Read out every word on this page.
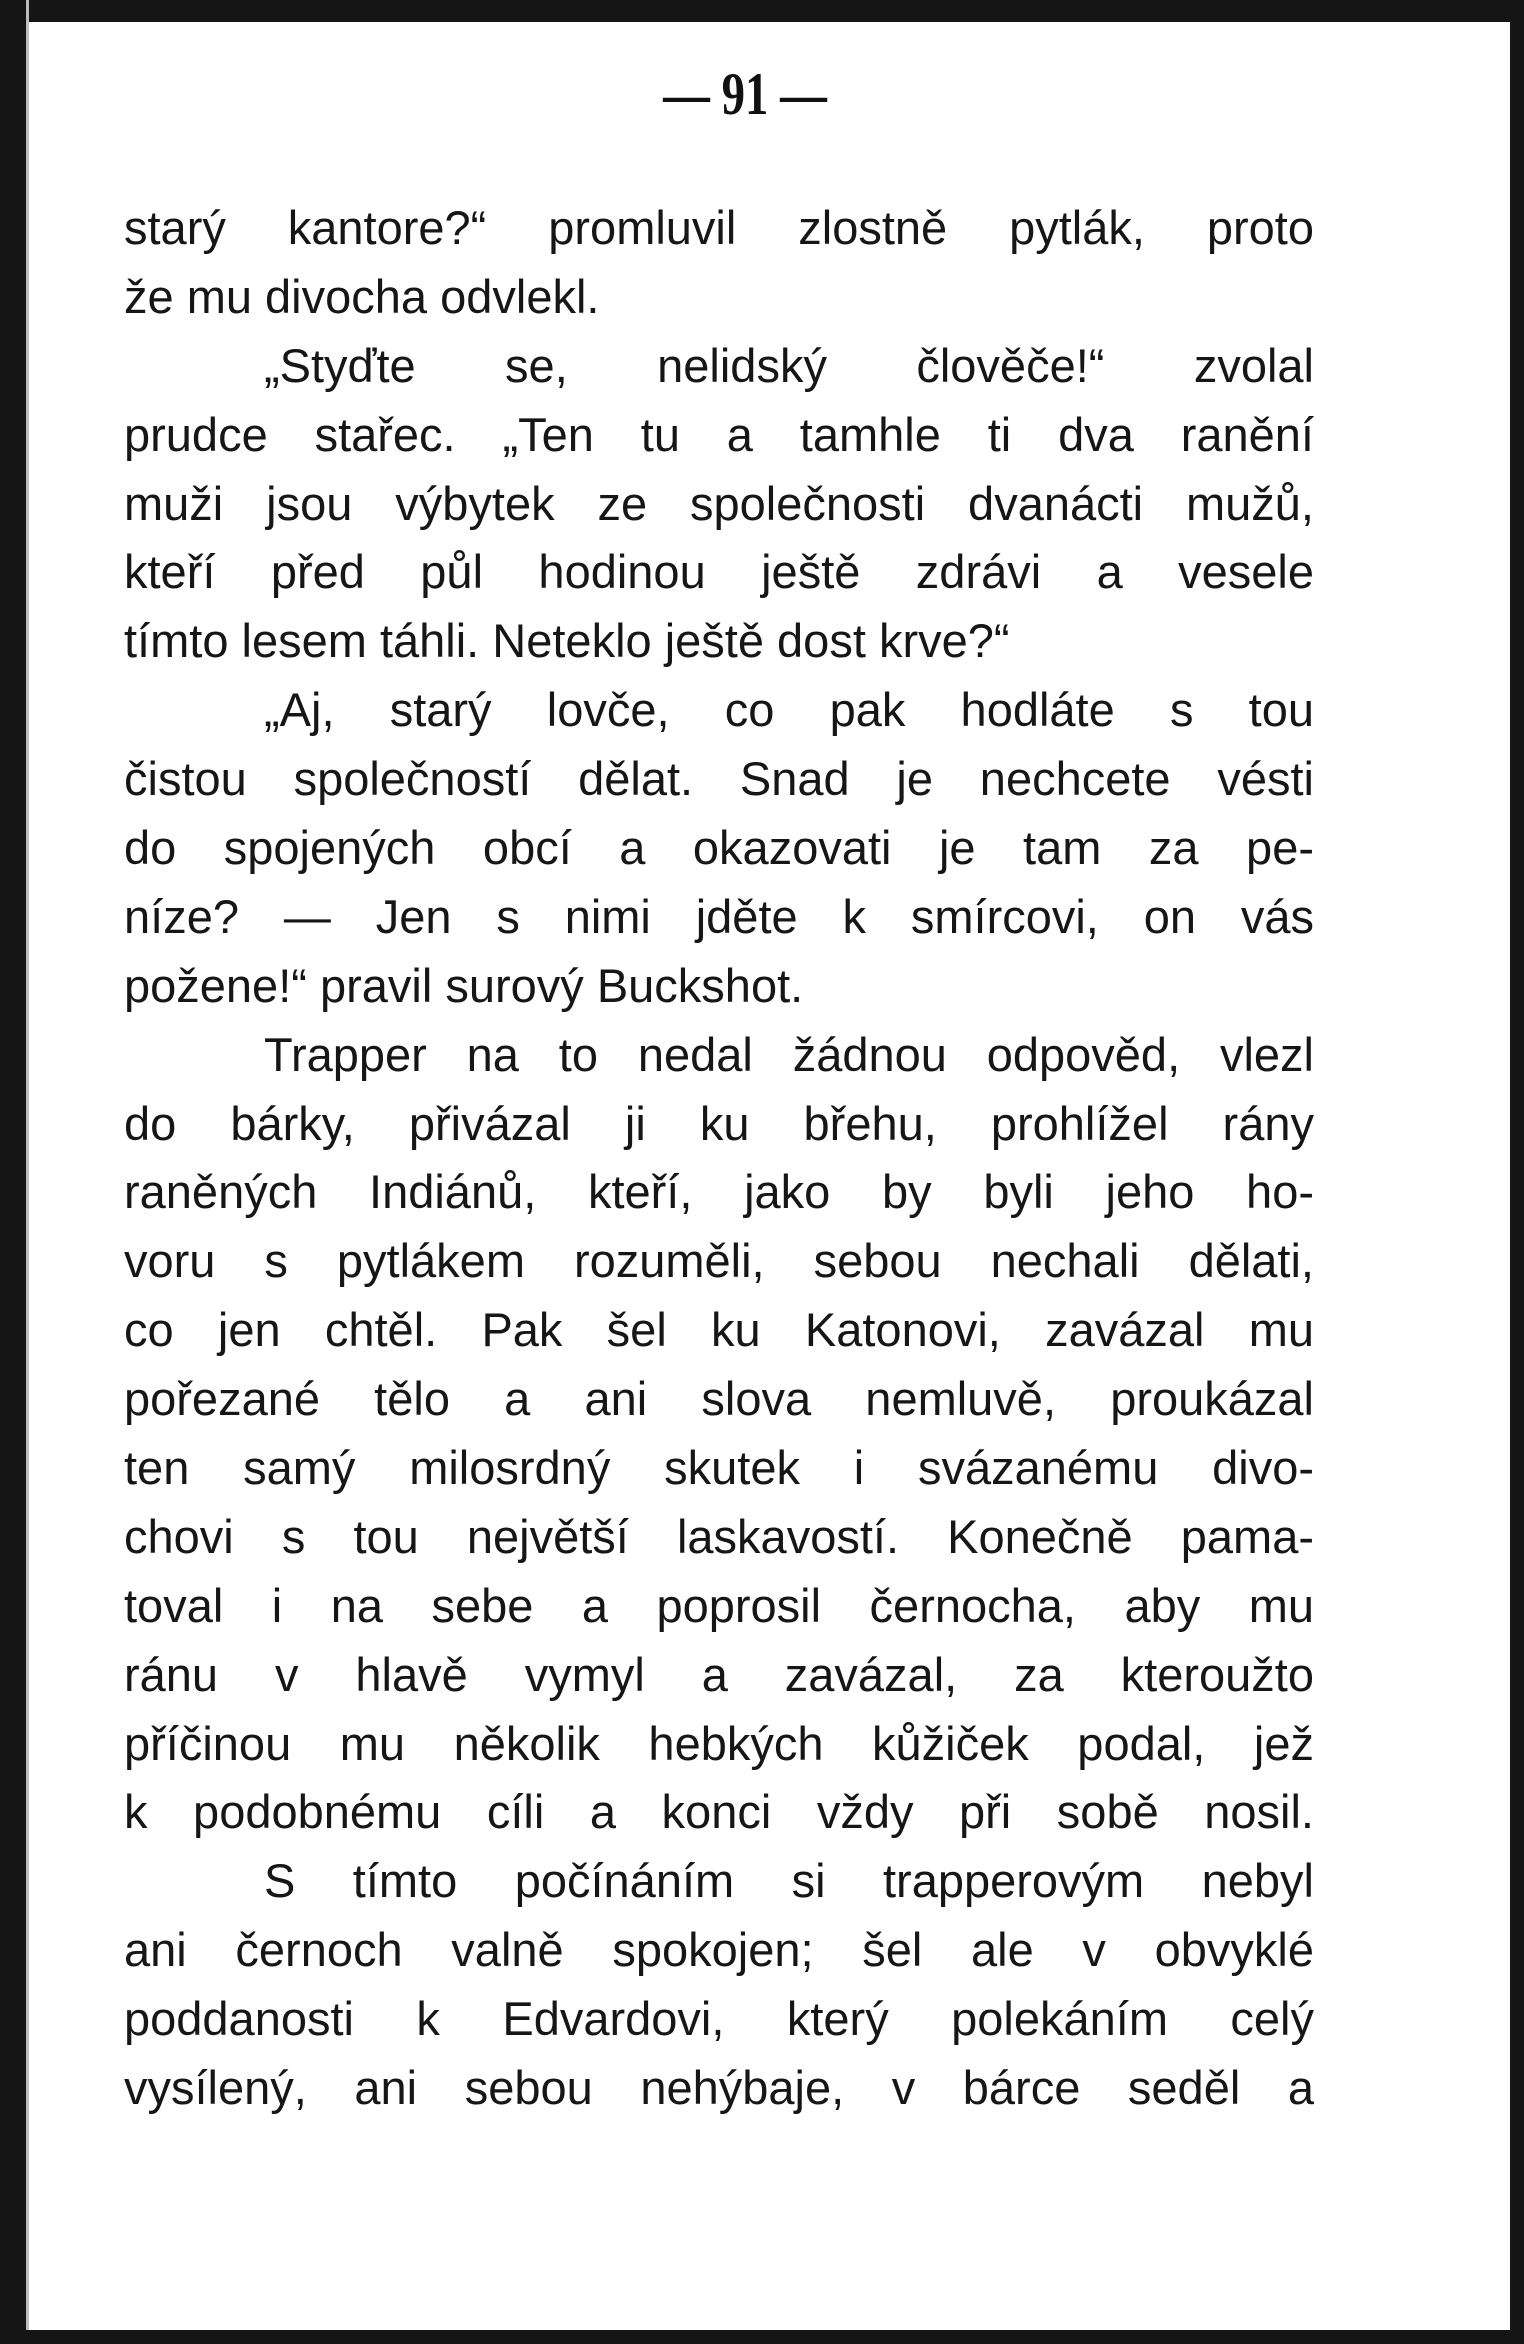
— 91 —
starý kantore?“ promluvil zlostně pytlák, proto
že mu divocha odvlekl.
„Styďte se, nelidský člověče!“ zvolal
prudce stařec. „Ten tu a tamhle ti dva ranění
muži jsou výbytek ze společnosti dvanácti mužů,
kteří před půl hodinou ještě zdrávi a vesele
tímto lesem táhli. Neteklo ještě dost krve?“
„Aj, starý lovče, co pak hodláte s tou
čistou společností dělat. Snad je nechcete vésti
do spojených obcí a okazovati je tam za pe-
níze? — Jen s nimi jděte k smírcovi, on vás
požene!“ pravil surový Buckshot.
Trapper na to nedal žádnou odpověd, vlezl
do bárky, přivázal ji ku břehu, prohlížel rány
raněných Indiánů, kteří, jako by byli jeho ho-
voru s pytlákem rozuměli, sebou nechali dělati,
co jen chtěl. Pak šel ku Katonovi, zavázal mu
pořezané tělo a ani slova nemluvě, proukázal
ten samý milosrdný skutek i svázanému divo-
chovi s tou největší laskavostí. Konečně pama-
toval i na sebe a poprosil černocha, aby mu
ránu v hlavě vymyl a zavázal, za kteroužto
příčinou mu několik hebkých kůžiček podal, jež
k podobnému cíli a konci vždy při sobě nosil.
S tímto počínáním si trapperovým nebyl
ani černoch valně spokojen; šel ale v obvyklé
poddanosti k Edvardovi, který polekáním celý
vysílený, ani sebou nehýbaje, v bárce seděl a
